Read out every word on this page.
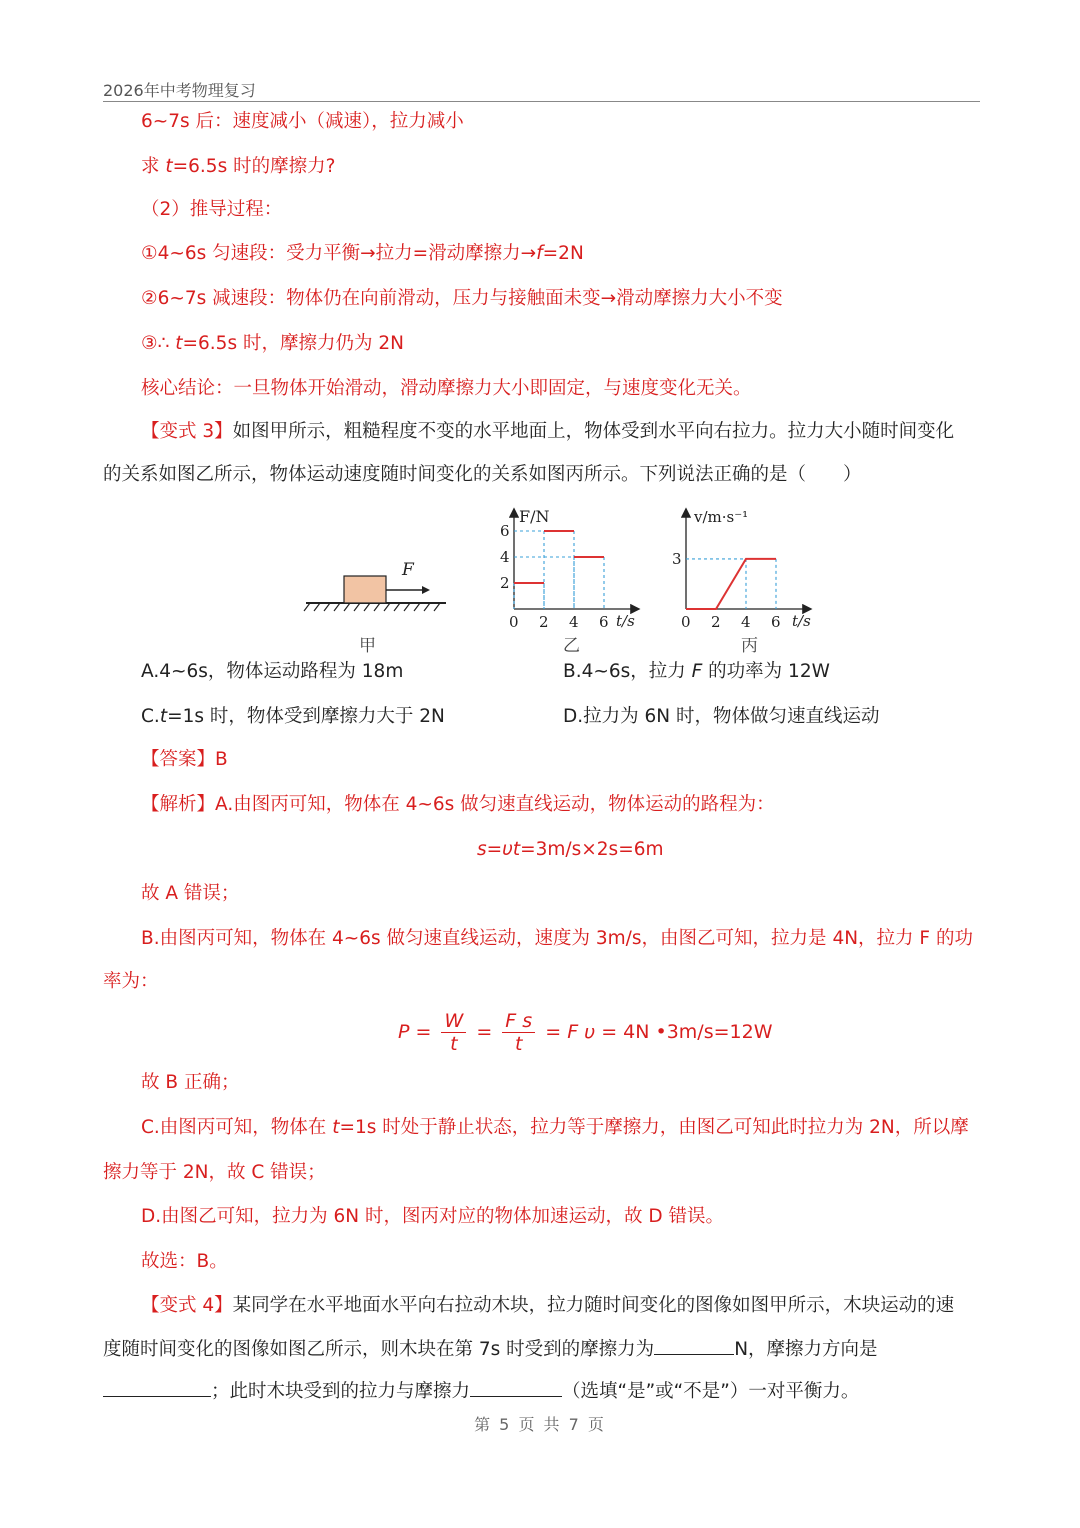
2026年中考物理复习
6~7s 后：速度减小（减速），拉力减小
求 t=6.5s 时的摩擦力?
（2）推导过程：
①4~6s 匀速段：受力平衡→拉力=滑动摩擦力→f=2N
②6~7s 减速段：物体仍在向前滑动，压力与接触面未变→滑动摩擦力大小不变
③∴ t=6.5s 时，摩擦力仍为 2N
核心结论：一旦物体开始滑动，滑动摩擦力大小即固定，与速度变化无关。
【变式 3】如图甲所示，粗糙程度不变的水平地面上，物体受到水平向右拉力。拉力大小随时间变化
的关系如图乙所示，物体运动速度随时间变化的关系如图丙所示。下列说法正确的是（　　）
F
甲
F/N
0 2 4 6
2
4
6
t/s
乙
v/m·s⁻¹
0 2 4 6
3
t/s
丙
A.4~6s，物体运动路程为 18m	B.4~6s，拉力 F 的功率为 12W
C.t=1s 时，物体受到摩擦力大于 2N	D.拉力为 6N 时，物体做匀速直线运动
【答案】B
【解析】A.由图丙可知，物体在 4~6s 做匀速直线运动，物体运动的路程为：
s=υt=3m/s×2s=6m
故 A 错误；
B.由图丙可知，物体在 4~6s 做匀速直线运动，速度为 3m/s，由图乙可知，拉力是 4N，拉力 F 的功
率为：
$P = \frac{W}{t} = \frac{\text{F s}}{t} = F$ υ = 4N •3m/s=12W
故 B 正确；
C.由图丙可知，物体在 t=1s 时处于静止状态，拉力等于摩擦力，由图乙可知此时拉力为 2N，所以摩
擦力等于 2N，故 C 错误；
D.由图乙可知，拉力为 6N 时，图丙对应的物体加速运动，故 D 错误。
故选：B。
【变式 4】某同学在水平地面水平向右拉动木块，拉力随时间变化的图像如图甲所示，木块运动的速
度随时间变化的图像如图乙所示，则木块在第 7s 时受到的摩擦力为	N，摩擦力方向是
；此时木块受到的拉力与摩擦力	（选填“是”或“不是”）一对平衡力。
第 5 页 共 7 页
